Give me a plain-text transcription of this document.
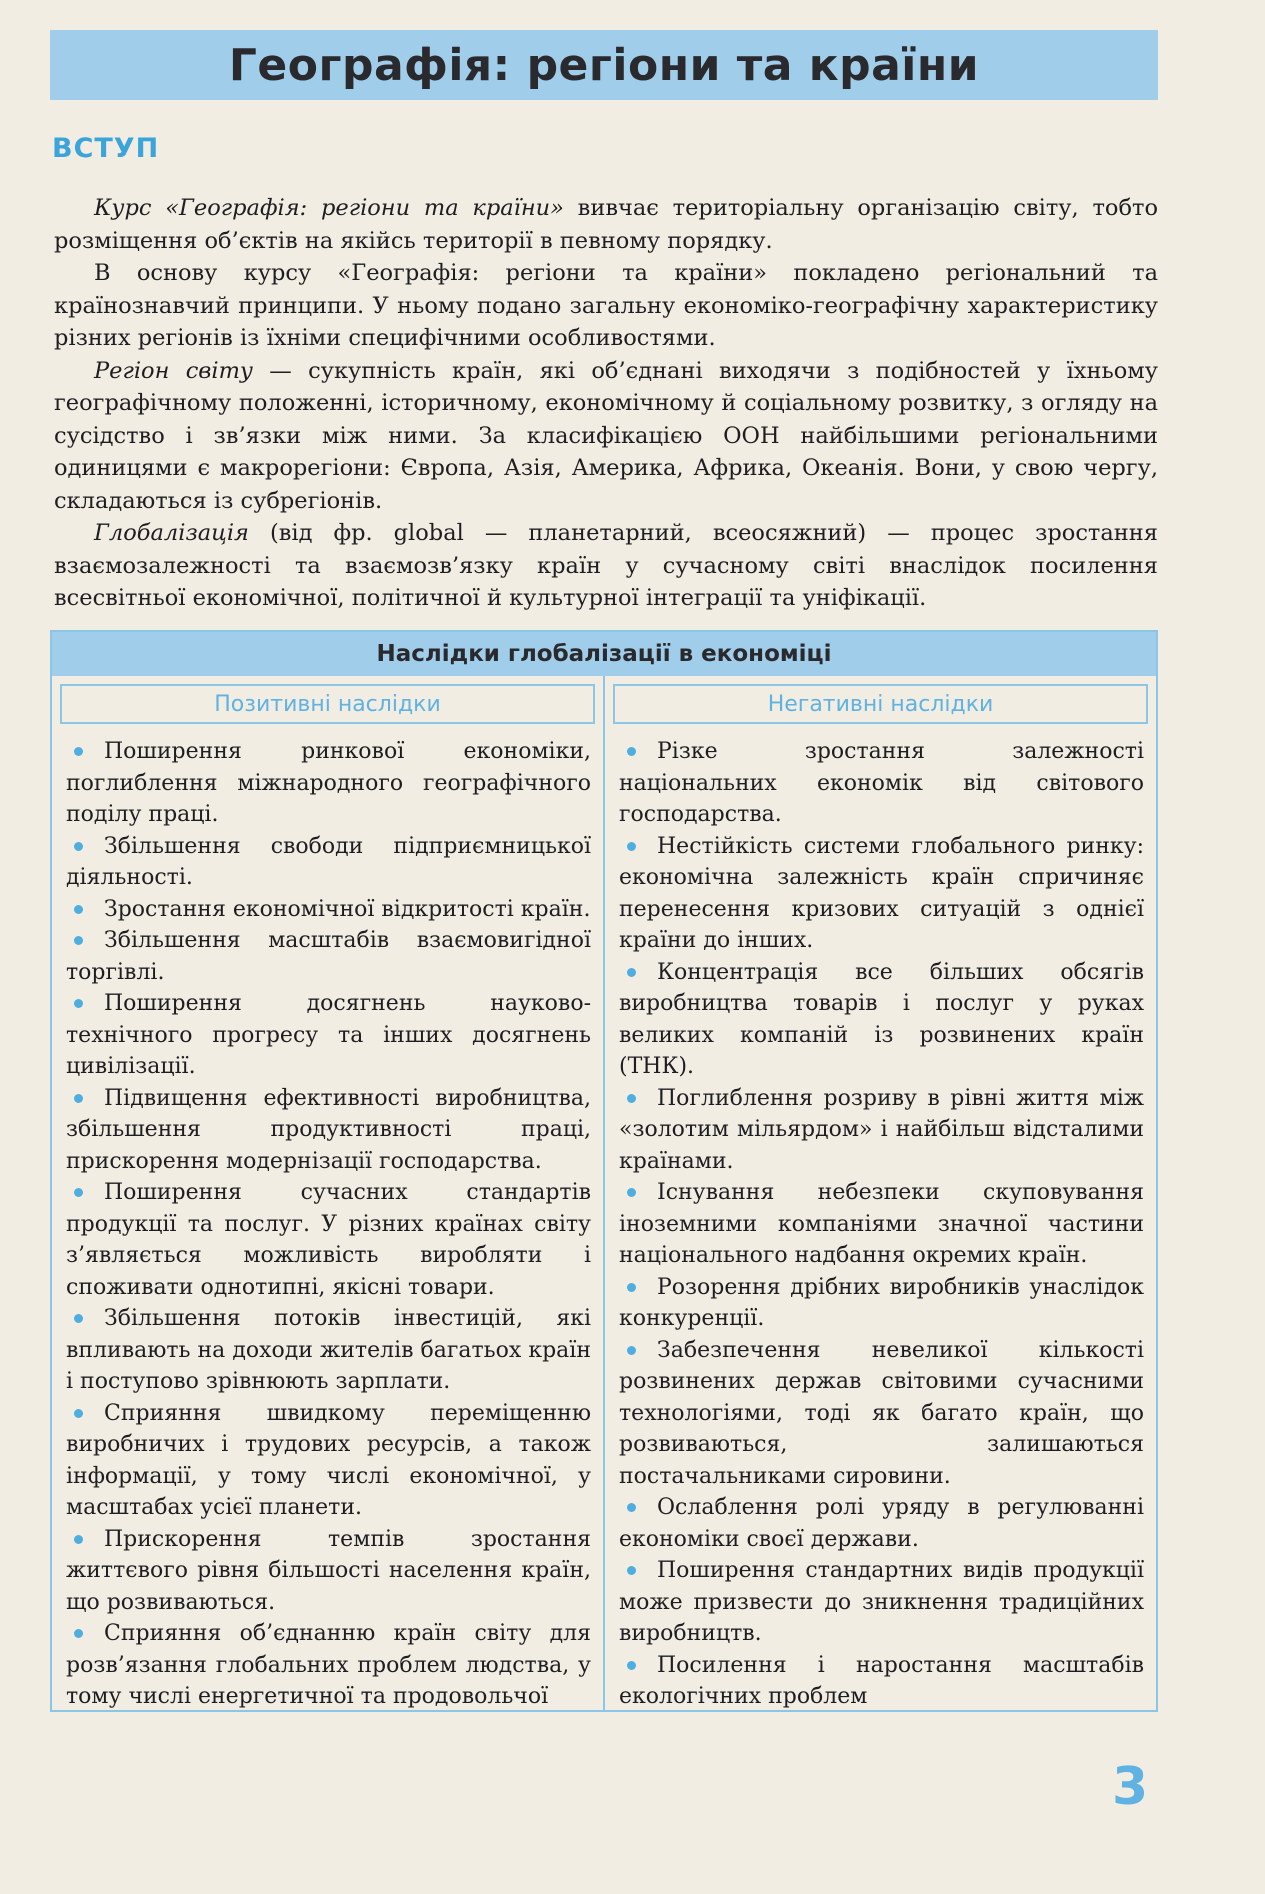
Географія: регіони та країни
ВСТУП

Курс «Географія: регіони та країни» вивчає територіальну організацію світу, тобто розміщення об’єктів на якійсь території в певному порядку.

В основу курсу «Географія: регіони та країни» покладено регіональний та країнознавчий принципи. У ньому подано загальну економіко-географічну характеристику різних регіонів із їхніми специфічними особливостями.

Регіон світу — сукупність країн, які об’єднані виходячи з подібностей у їхньому географічному положенні, історичному, економічному й соціальному розвитку, з огляду на сусідство і зв’язки між ними. За класифікацією ООН найбільшими регіональними одиницями є макрорегіони: Європа, Азія, Америка, Африка, Океанія. Вони, у свою чергу, складаються із субрегіонів.

Глобалізація (від фр. global — планетарний, всеосяжний) — процес зростання взаємозалежності та взаємозв’язку країн у сучасному світі внаслідок посилення всесвітньої економічної, політичної й культурної інтеграції та уніфікації.

Наслідки глобалізації в економіці
Позитивні наслідки
Поширення ринкової економіки, поглиблення міжнародного географічного поділу праці.
Збільшення свободи підприємницької діяльності.
Зростання економічної відкритості країн.
Збільшення масштабів взаємовигідної торгівлі.
Поширення досягнень науково-технічного прогресу та інших досягнень цивілізації.
Підвищення ефективності виробництва, збільшення продуктивності праці, прискорення модернізації господарства.
Поширення сучасних стандартів продукції та послуг. У різних країнах світу з’являється можливість виробляти і споживати однотипні, якісні товари.
Збільшення потоків інвестицій, які впливають на доходи жителів багатьох країн і поступово зрівнюють зарплати.
Сприяння швидкому переміщенню виробничих і трудових ресурсів, а також інформації, у тому числі економічної, у масштабах усієї планети.
Прискорення темпів зростання життєвого рівня більшості населення країн, що розвиваються.
Сприяння об’єднанню країн світу для розв’язання глобальних проблем людства, у тому числі енергетичної та продовольчої
Негативні наслідки
Різке зростання залежності національних економік від світового господарства.
Нестійкість системи глобального ринку: економічна залежність країн спричиняє перенесення кризових ситуацій з однієї країни до інших.
Концентрація все більших обсягів виробництва товарів і послуг у руках великих компаній із розвинених країн (ТНК).
Поглиблення розриву в рівні життя між «золотим мільярдом» і найбільш відсталими країнами.
Існування небезпеки скуповування іноземними компаніями значної частини національного надбання окремих країн.
Розорення дрібних виробників унаслідок конкуренції.
Забезпечення невеликої кількості розвинених держав світовими сучасними технологіями, тоді як багато країн, що розвиваються, залишаються постачальниками сировини.
Ослаблення ролі уряду в регулюванні економіки своєї держави.
Поширення стандартних видів продукції може призвести до зникнення традиційних виробництв.
Посилення і наростання масштабів екологічних проблем
3
